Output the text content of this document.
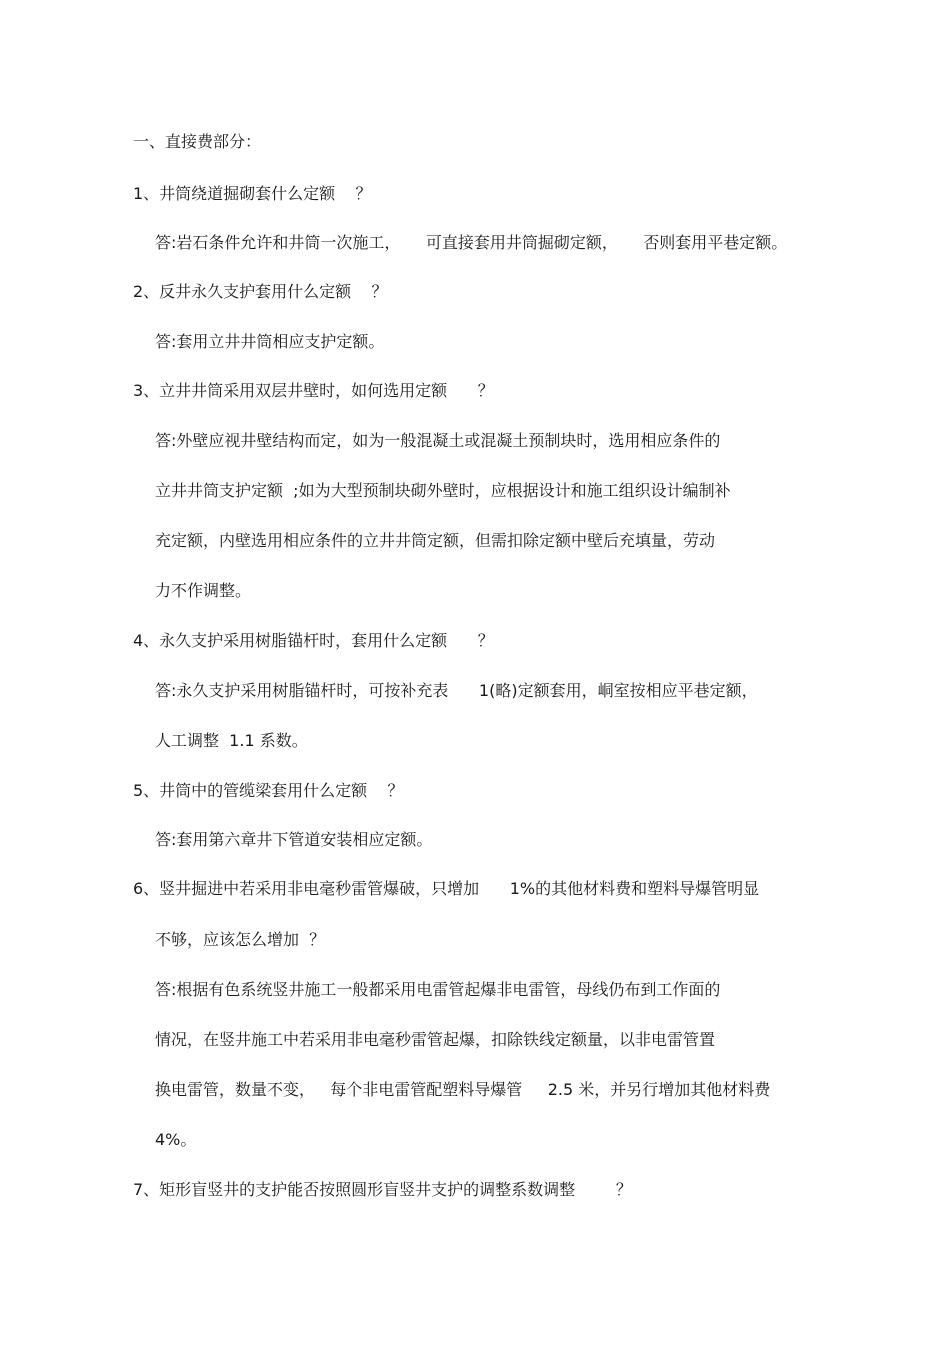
一、直接费部分：
1、井筒绕道掘砌套什么定额    ？
答:岩石条件允许和井筒一次施工，     可直接套用井筒掘砌定额，     否则套用平巷定额。
2、反井永久支护套用什么定额    ？
答:套用立井井筒相应支护定额。
3、立井井筒采用双层井壁时，如何选用定额      ？
答:外壁应视井壁结构而定，如为一般混凝土或混凝土预制块时，选用相应条件的
立井井筒支护定额  ;如为大型预制块砌外壁时，应根据设计和施工组织设计编制补
充定额，内壁选用相应条件的立井井筒定额，但需扣除定额中壁后充填量，劳动
力不作调整。
4、永久支护采用树脂锚杆时，套用什么定额      ？
答:永久支护采用树脂锚杆时，可按补充表      1(略)定额套用，峒室按相应平巷定额，
人工调整  1.1 系数。
5、井筒中的管缆梁套用什么定额    ？
答:套用第六章井下管道安装相应定额。
6、竖井掘进中若采用非电毫秒雷管爆破，只增加      1%的其他材料费和塑料导爆管明显
不够，应该怎么增加  ？
答:根据有色系统竖井施工一般都采用电雷管起爆非电雷管，母线仍布到工作面的
情况，在竖井施工中若采用非电毫秒雷管起爆，扣除铁线定额量，以非电雷管置
换电雷管，数量不变，   每个非电雷管配塑料导爆管     2.5 米，并另行增加其他材料费
4%。
7、矩形盲竖井的支护能否按照圆形盲竖井支护的调整系数调整        ？
